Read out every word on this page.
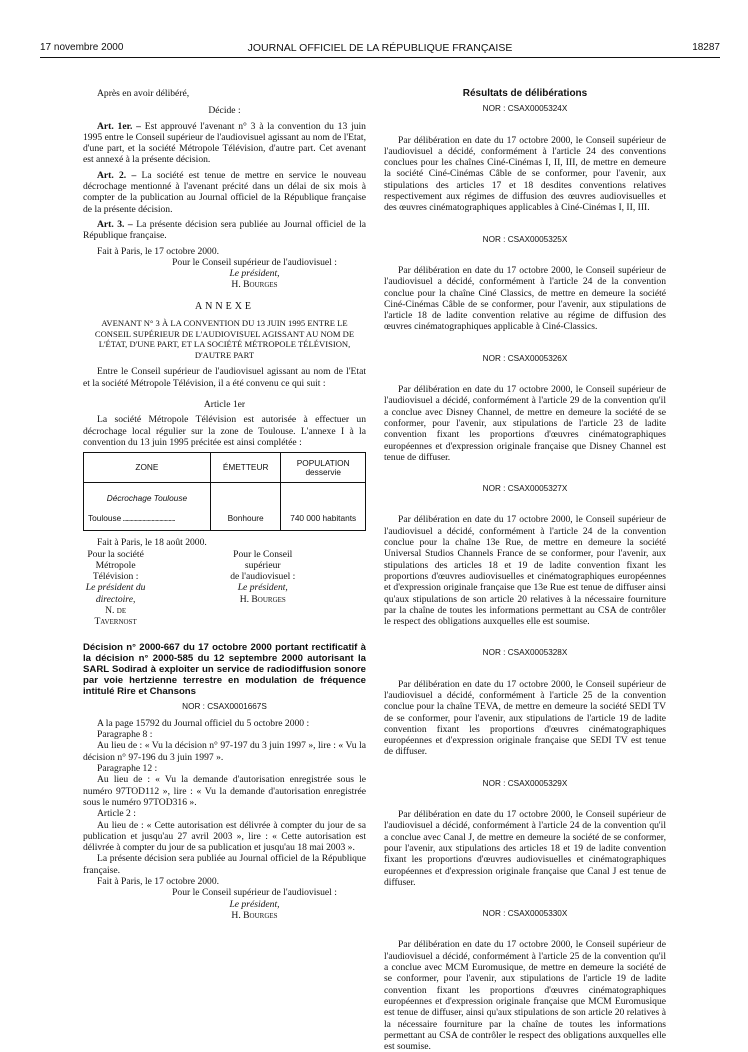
17 novembre 2000	JOURNAL OFFICIEL DE LA RÉPUBLIQUE FRANÇAISE	18287

Après en avoir délibéré,

Décide :

Art. 1er. – Est approuvé l'avenant n° 3 à la convention du 13 juin 1995 entre le Conseil supérieur de l'audiovisuel agissant au nom de l'Etat, d'une part, et la société Métropole Télévision, d'autre part. Cet avenant est annexé à la présente décision.

Art. 2. – La société est tenue de mettre en service le nouveau décrochage mentionné à l'avenant précité dans un délai de six mois à compter de la publication au Journal officiel de la République française de la présente décision.

Art. 3. – La présente décision sera publiée au Journal officiel de la République française.

Fait à Paris, le 17 octobre 2000.

Pour le Conseil supérieur de l'audiovisuel :
Le président,
H. Bourges
ANNEXE

AVENANT N° 3 À LA CONVENTION DU 13 JUIN 1995 ENTRE LE CONSEIL SUPÉRIEUR DE L'AUDIOVISUEL AGISSANT AU NOM DE L'ÉTAT, D'UNE PART, ET LA SOCIÉTÉ MÉTROPOLE TÉLÉVISION, D'AUTRE PART

Entre le Conseil supérieur de l'audiovisuel agissant au nom de l'Etat et la société Métropole Télévision, il a été convenu ce qui suit :

Article 1er

La société Métropole Télévision est autorisée à effectuer un décrochage local régulier sur la zone de Toulouse. L'annexe I à la convention du 13 juin 1995 précitée est ainsi complétée :

ZONE	ÉMETTEUR	POPULATION
desservie

Décrochage Toulouse
Toulouse ........................................	Bonhoure	740 000 habitants

Fait à Paris, le 18 août 2000.

Pour la société
Métropole Télévision :
Le président du directoire,
N. de Tavernost
Pour le Conseil supérieur
de l'audiovisuel :
Le président,
H. Bourges

Décision n° 2000-667 du 17 octobre 2000 portant rectificatif à la décision n° 2000-585 du 12 septembre 2000 autorisant la SARL Sodirad à exploiter un service de radiodiffusion sonore par voie hertzienne terrestre en modulation de fréquence intitulé Rire et Chansons

NOR : CSAX0001667S

A la page 15792 du Journal officiel du 5 octobre 2000 :

Paragraphe 8 :

Au lieu de : « Vu la décision n° 97-197 du 3 juin 1997 », lire : « Vu la décision n° 97-196 du 3 juin 1997 ».

Paragraphe 12 :

Au lieu de : « Vu la demande d'autorisation enregistrée sous le numéro 97TOD112 », lire : « Vu la demande d'autorisation enregistrée sous le numéro 97TOD316 ».

Article 2 :

Au lieu de : « Cette autorisation est délivrée à compter du jour de sa publication et jusqu'au 27 avril 2003 », lire : « Cette autorisation est délivrée à compter du jour de sa publication et jusqu'au 18 mai 2003 ».

La présente décision sera publiée au Journal officiel de la République française.

Fait à Paris, le 17 octobre 2000.

Pour le Conseil supérieur de l'audiovisuel :
Le président,
H. Bourges

Résultats de délibérations

NOR : CSAX0005324X

Par délibération en date du 17 octobre 2000, le Conseil supérieur de l'audiovisuel a décidé, conformément à l'article 24 des conventions conclues pour les chaînes Ciné-Cinémas I, II, III, de mettre en demeure la société Ciné-Cinémas Câble de se conformer, pour l'avenir, aux stipulations des articles 17 et 18 desdites conventions relatives respectivement aux régimes de diffusion des œuvres audiovisuelles et des œuvres cinématographiques applicables à Ciné-Cinémas I, II, III.

NOR : CSAX0005325X

Par délibération en date du 17 octobre 2000, le Conseil supérieur de l'audiovisuel a décidé, conformément à l'article 24 de la convention conclue pour la chaîne Ciné Classics, de mettre en demeure la société Ciné-Cinémas Câble de se conformer, pour l'avenir, aux stipulations de l'article 18 de ladite convention relative au régime de diffusion des œuvres cinématographiques applicable à Ciné-Classics.

NOR : CSAX0005326X

Par délibération en date du 17 octobre 2000, le Conseil supérieur de l'audiovisuel a décidé, conformément à l'article 29 de la convention qu'il a conclue avec Disney Channel, de mettre en demeure la société de se conformer, pour l'avenir, aux stipulations de l'article 23 de ladite convention fixant les proportions d'œuvres cinématographiques européennes et d'expression originale française que Disney Channel est tenue de diffuser.

NOR : CSAX0005327X

Par délibération en date du 17 octobre 2000, le Conseil supérieur de l'audiovisuel a décidé, conformément à l'article 24 de la convention conclue pour la chaîne 13e Rue, de mettre en demeure la société Universal Studios Channels France de se conformer, pour l'avenir, aux stipulations des articles 18 et 19 de ladite convention fixant les proportions d'œuvres audiovisuelles et cinématographiques européennes et d'expression originale française que 13e Rue est tenue de diffuser ainsi qu'aux stipulations de son article 20 relatives à la nécessaire fourniture par la chaîne de toutes les informations permettant au CSA de contrôler le respect des obligations auxquelles elle est soumise.

NOR : CSAX0005328X

Par délibération en date du 17 octobre 2000, le Conseil supérieur de l'audiovisuel a décidé, conformément à l'article 25 de la convention conclue pour la chaîne TEVA, de mettre en demeure la société SEDI TV de se conformer, pour l'avenir, aux stipulations de l'article 19 de ladite convention fixant les proportions d'œuvres cinématographiques européennes et d'expression originale française que SEDI TV est tenue de diffuser.

NOR : CSAX0005329X

Par délibération en date du 17 octobre 2000, le Conseil supérieur de l'audiovisuel a décidé, conformément à l'article 24 de la convention qu'il a conclue avec Canal J, de mettre en demeure la société de se conformer, pour l'avenir, aux stipulations des articles 18 et 19 de ladite convention fixant les proportions d'œuvres audiovisuelles et cinématographiques européennes et d'expression originale française que Canal J est tenue de diffuser.

NOR : CSAX0005330X

Par délibération en date du 17 octobre 2000, le Conseil supérieur de l'audiovisuel a décidé, conformément à l'article 25 de la convention qu'il a conclue avec MCM Euromusique, de mettre en demeure la société de se conformer, pour l'avenir, aux stipulations de l'article 19 de ladite convention fixant les proportions d'œuvres cinématographiques européennes et d'expression originale française que MCM Euromusique est tenue de diffuser, ainsi qu'aux stipulations de son article 20 relatives à la nécessaire fourniture par la chaîne de toutes les informations permettant au CSA de contrôler le respect des obligations auxquelles elle est soumise.
